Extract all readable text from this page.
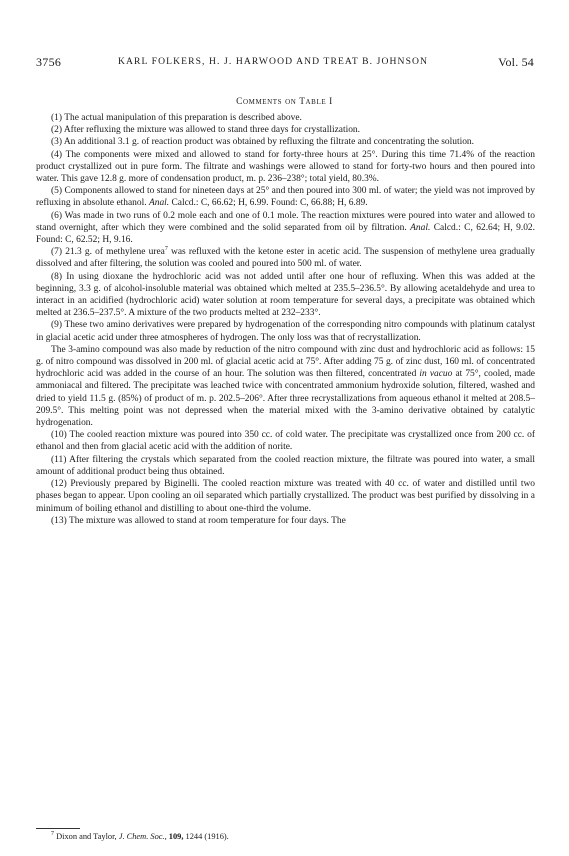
3756	KARL FOLKERS, H. J. HARWOOD AND TREAT B. JOHNSON	Vol. 54
Comments on Table I

(1) The actual manipulation of this preparation is described above.

(2) After refluxing the mixture was allowed to stand three days for crystallization.

(3) An additional 3.1 g. of reaction product was obtained by refluxing the filtrate and concentrating the solution.

(4) The components were mixed and allowed to stand for forty-three hours at 25°. During this time 71.4% of the reaction product crystallized out in pure form. The filtrate and washings were allowed to stand for forty-two hours and then poured into water. This gave 12.8 g. more of condensation product, m. p. 236–238°; total yield, 80.3%.

(5) Components allowed to stand for nineteen days at 25° and then poured into 300 ml. of water; the yield was not improved by refluxing in absolute ethanol. Anal. Calcd.: C, 66.62; H, 6.99. Found: C, 66.88; H, 6.89.

(6) Was made in two runs of 0.2 mole each and one of 0.1 mole. The reaction mixtures were poured into water and allowed to stand overnight, after which they were combined and the solid separated from oil by filtration. Anal. Calcd.: C, 62.64; H, 9.02. Found: C, 62.52; H, 9.16.

(7) 21.3 g. of methylene urea$^7$ was refluxed with the ketone ester in acetic acid. The suspension of methylene urea gradually dissolved and after filtering, the solution was cooled and poured into 500 ml. of water.

(8) In using dioxane the hydrochloric acid was not added until after one hour of refluxing. When this was added at the beginning, 3.3 g. of alcohol-insoluble material was obtained which melted at 235.5–236.5°. By allowing acetaldehyde and urea to interact in an acidified (hydrochloric acid) water solution at room temperature for several days, a precipitate was obtained which melted at 236.5–237.5°. A mixture of the two products melted at 232–233°.

(9) These two amino derivatives were prepared by hydrogenation of the corresponding nitro compounds with platinum catalyst in glacial acetic acid under three atmospheres of hydrogen. The only loss was that of recrystallization.

The 3-amino compound was also made by reduction of the nitro compound with zinc dust and hydrochloric acid as follows: 15 g. of nitro compound was dissolved in 200 ml. of glacial acetic acid at 75°. After adding 75 g. of zinc dust, 160 ml. of concentrated hydrochloric acid was added in the course of an hour. The solution was then filtered, concentrated in vacuo at 75°, cooled, made ammoniacal and filtered. The precipitate was leached twice with concentrated ammonium hydroxide solution, filtered, washed and dried to yield 11.5 g. (85%) of product of m. p. 202.5–206°. After three recrystallizations from aqueous ethanol it melted at 208.5–209.5°. This melting point was not depressed when the material mixed with the 3-amino derivative obtained by catalytic hydrogenation.

(10) The cooled reaction mixture was poured into 350 cc. of cold water. The precipitate was crystallized once from 200 cc. of ethanol and then from glacial acetic acid with the addition of norite.

(11) After filtering the crystals which separated from the cooled reaction mixture, the filtrate was poured into water, a small amount of additional product being thus obtained.

(12) Previously prepared by Biginelli. The cooled reaction mixture was treated with 40 cc. of water and distilled until two phases began to appear. Upon cooling an oil separated which partially crystallized. The product was best purified by dissolving in a minimum of boiling ethanol and distilling to about one-third the volume.

(13) The mixture was allowed to stand at room temperature for four days. The

$^7$ Dixon and Taylor, J. Chem. Soc., 109, 1244 (1916).
